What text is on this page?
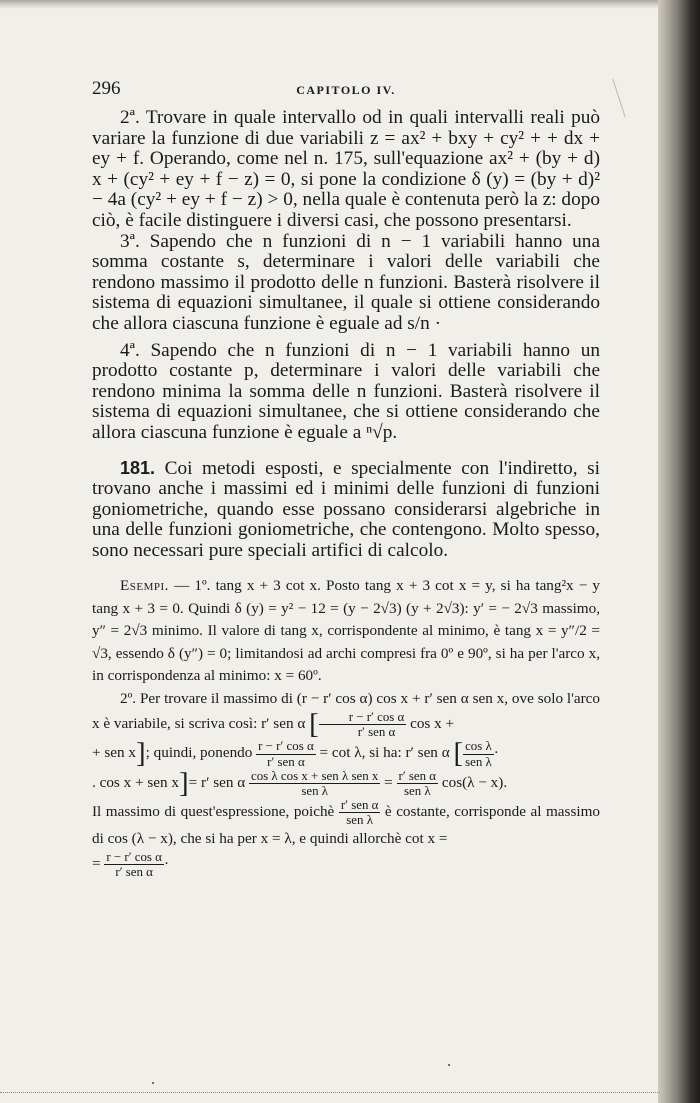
296	CAPITOLO IV.

2ª. Trovare in quale intervallo od in quali intervalli reali può variare la funzione di due variabili z = ax² + bxy + cy² + + dx + ey + f. Operando, come nel n. 175, sull'equazione ax² + (by + d) x + (cy² + ey + f − z) = 0, si pone la condizione δ (y) = (by + d)² − 4a (cy² + ey + f − z) > 0, nella quale è contenuta però la z: dopo ciò, è facile distinguere i diversi casi, che possono presentarsi.

3ª. Sapendo che n funzioni di n − 1 variabili hanno una somma costante s, determinare i valori delle variabili che rendono massimo il prodotto delle n funzioni. Basterà risolvere il sistema di equazioni simultanee, il quale si ottiene considerando che allora ciascuna funzione è eguale ad s/n ·

4ª. Sapendo che n funzioni di n − 1 variabili hanno un prodotto costante p, determinare i valori delle variabili che rendono minima la somma delle n funzioni. Basterà risolvere il sistema di equazioni simultanee, che si ottiene considerando che allora ciascuna funzione è eguale a ⁿ√p.

181. Coi metodi esposti, e specialmente con l'indiretto, si trovano anche i massimi ed i minimi delle funzioni di funzioni goniometriche, quando esse possano considerarsi algebriche in una delle funzioni goniometriche, che contengono. Molto spesso, sono necessari pure speciali artifici di calcolo.

Esempi. — 1º. tang x + 3 cot x. Posto tang x + 3 cot x = y, si ha tang²x − y tang x + 3 = 0. Quindi δ (y) = y² − 12 = (y − 2√3) (y + 2√3): y′ = − 2√3 massimo, y″ = 2√3 minimo. Il valore di tang x, corrispondente al minimo, è tang x = y″/2 = √3, essendo δ (y″) = 0; limitandosi ad archi compresi fra 0º e 90º, si ha per l'arco x, in corrispondenza al minimo: x = 60º.

2º. Per trovare il massimo di (r − r′ cos α) cos x + r′ sen α sen x, ove solo l'arco x è variabile, si scriva così: r′ sen α [ $\frac{\text{r − r′ cos α}}{\text{r′ sen α}}$ cos x +

+ sen x]; quindi, ponendo $\frac{\text{r − r′ cos α}}{\text{r′ sen α}} = \cot \lambda$, si ha: r′ sen α [ $\frac{\text{cos λ}}{\text{sen λ}}$ ·

. cos x + sen x]= r′ sen α $\frac{\text{cos λ cos x + sen λ sen x}}{\text{sen λ}} = \frac{\text{r′ sen α}}{\text{sen λ}} \cos(\lambda - x)$.

Il massimo di quest'espressione, poichè $\frac{\text{r′ sen α}}{\text{sen λ}}$ è costante, corrisponde al massimo di cos (λ − x), che si ha per x = λ, e quindi allorchè cot x =

= $\frac{\text{r − r′ cos α}}{\text{r′ sen α}}$ ·
